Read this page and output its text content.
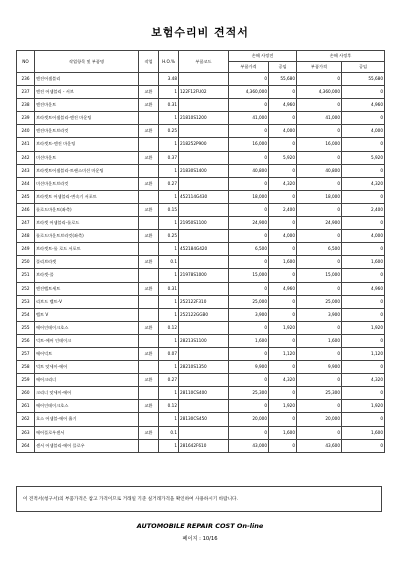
보험수리비 견적서
NO	작업항목 및 부품명	작업	H.O.%	부품코드	손해 사정전		손해 사정후	
					부품가격	공임	부품가격	공임
236	엔진어셈블리		3.48		0	55,680	0	55,680
237	엔진 어셈블리 - 서브	교환	1	122F12FU02	4,360,000	0	4,360,000	0
238	엔진마운트	교환	0.31		0	4,960	0	4,960
239	브라켓트어셈블리-엔진 마운팅		1	21810S1200	41,000	0	41,000	0
240	엔진마운트브라킷	교환	0.25		0	4,000	0	4,000
241	브라켓트-엔진 마운팅		1	218252P900	16,000	0	16,000	0
242	미션마운트	교환	0.37		0	5,920	0	5,920
243	브라켓트어셈블리-트랜스미션 마운팅		1	21830S1400	40,800	0	40,800	0
244	미션마운트브라킷	교환	0.27		0	4,320	0	4,320
245	브라켓트 어셈블리-변속기 서포트		1	452114G430	18,000	0	18,000	0
246	롤로드마운트(좌측)	교환	0.15		0	2,400	0	2,400
247	브라켓 어셈블리-롤로드		1	21950S1100	24,900	0	24,900	0
248	롤로드마운트브라킷(좌측)	교환	0.25		0	4,000	0	4,000
249	브라켓트-롤 로드 서포트		1	452184G420	6,500	0	6,500	0
250	풀리브라켓	교환	0.1		0	1,600	0	1,600
251	브라켓-풀		1	21978S1000	15,000	0	15,000	0
252	엔진벨트세트	교환	0.31		0	4,960	0	4,960
253	리브드 벨트-V		1	252122F310	25,000	0	25,000	0
254	벨트 V		1	252122GGB0	3,900	0	3,900	0
255	에어인테이크호스	교환	0.12		0	1,920	0	1,920
256	덕트-에어 인테이크		1	28213S1100	1,600	0	1,600	0
257	에어덕트	교환	0.07		0	1,120	0	1,120
258	덕트 앗세이-에어		1	28210S1350	9,900	0	9,900	0
259	에어크리너	교환	0.27		0	4,320	0	4,320
260	크리너 앗세이-에어		1	28110CS400	25,300	0	25,300	0
261	에어인테이크호스	교환	0.12		0	1,920	0	1,920
262	호스 어셈블-에어 흡기		1	28130CS450	20,000	0	20,000	0
263	에어플로우센서	교환	0.1		0	1,600	0	1,600
264	센서 어셈블리-에어 플로우		1	281642F610	43,000	0	43,600	0
이 견적서(청구서)의 부품가격은 참고 가격이므로 거래일 기준 실거래가격을 확인하여 사용하시기 바랍니다.
AUTOMOBILE REPAIR COST On-line
페이지 : 10/16
